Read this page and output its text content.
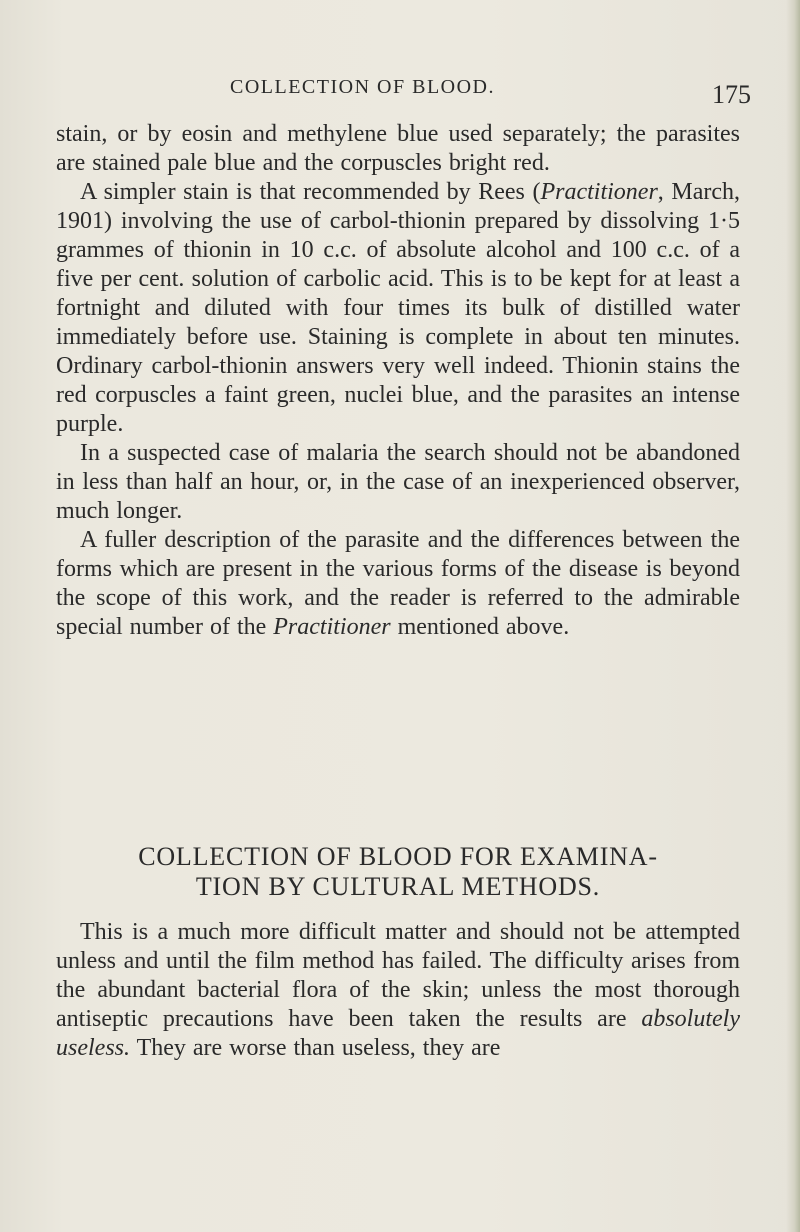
COLLECTION OF BLOOD.	175

stain, or by eosin and methylene blue used separately; the parasites are stained pale blue and the corpuscles bright red.

A simpler stain is that recommended by Rees (Practitioner, March, 1901) involving the use of carbol-thionin prepared by dissolving 1·5 grammes of thionin in 10 c.c. of absolute alcohol and 100 c.c. of a five per cent. solution of carbolic acid. This is to be kept for at least a fortnight and diluted with four times its bulk of distilled water immediately before use. Staining is complete in about ten minutes. Ordinary carbol-thionin answers very well indeed. Thionin stains the red corpuscles a faint green, nuclei blue, and the parasites an intense purple.

In a suspected case of malaria the search should not be abandoned in less than half an hour, or, in the case of an inexperienced observer, much longer.

A fuller description of the parasite and the differences between the forms which are present in the various forms of the disease is beyond the scope of this work, and the reader is referred to the admirable special number of the Practitioner mentioned above.

COLLECTION OF BLOOD FOR EXAMINA-
TION BY CULTURAL METHODS.

This is a much more difficult matter and should not be attempted unless and until the film method has failed. The difficulty arises from the abundant bacterial flora of the skin; unless the most thorough antiseptic precautions have been taken the results are absolutely useless. They are worse than useless, they are
